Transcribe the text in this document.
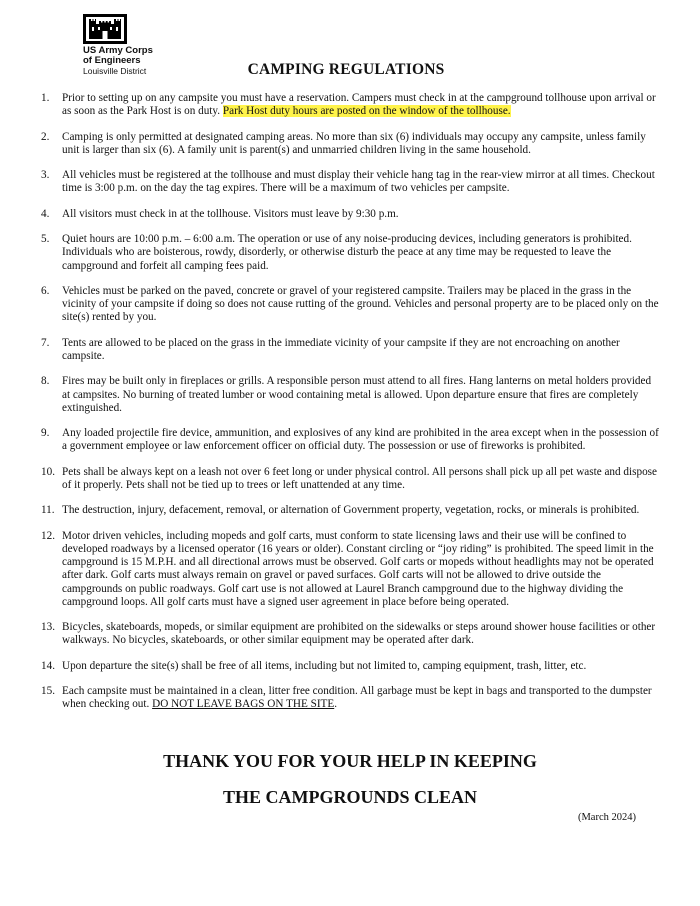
US Army Corps
of Engineers
Louisville District	CAMPING REGULATIONS
1. Prior to setting up on any campsite you must have a reservation. Campers must check in at the campground tollhouse upon arrival or as soon as the Park Host is on duty. Park Host duty hours are posted on the window of the tollhouse.
2. Camping is only permitted at designated camping areas. No more than six (6) individuals may occupy any campsite, unless family unit is larger than six (6). A family unit is parent(s) and unmarried children living in the same household.
3. All vehicles must be registered at the tollhouse and must display their vehicle hang tag in the rear-view mirror at all times. Checkout time is 3:00 p.m. on the day the tag expires. There will be a maximum of two vehicles per campsite.
4. All visitors must check in at the tollhouse. Visitors must leave by 9:30 p.m.
5. Quiet hours are 10:00 p.m. – 6:00 a.m. The operation or use of any noise-producing devices, including generators is prohibited. Individuals who are boisterous, rowdy, disorderly, or otherwise disturb the peace at any time may be requested to leave the campground and forfeit all camping fees paid.
6. Vehicles must be parked on the paved, concrete or gravel of your registered campsite. Trailers may be placed in the grass in the vicinity of your campsite if doing so does not cause rutting of the ground. Vehicles and personal property are to be placed only on the site(s) rented by you.
7. Tents are allowed to be placed on the grass in the immediate vicinity of your campsite if they are not encroaching on another campsite.
8. Fires may be built only in fireplaces or grills. A responsible person must attend to all fires. Hang lanterns on metal holders provided at campsites. No burning of treated lumber or wood containing metal is allowed. Upon departure ensure that fires are completely extinguished.
9. Any loaded projectile fire device, ammunition, and explosives of any kind are prohibited in the area except when in the possession of a government employee or law enforcement officer on official duty. The possession or use of fireworks is prohibited.
10. Pets shall be always kept on a leash not over 6 feet long or under physical control. All persons shall pick up all pet waste and dispose of it properly. Pets shall not be tied up to trees or left unattended at any time.
11. The destruction, injury, defacement, removal, or alternation of Government property, vegetation, rocks, or minerals is prohibited.
12. Motor driven vehicles, including mopeds and golf carts, must conform to state licensing laws and their use will be confined to developed roadways by a licensed operator (16 years or older). Constant circling or “joy riding” is prohibited. The speed limit in the campground is 15 M.P.H. and all directional arrows must be observed. Golf carts or mopeds without headlights may not be operated after dark. Golf carts must always remain on gravel or paved surfaces. Golf carts will not be allowed to drive outside the campgrounds on public roadways. Golf cart use is not allowed at Laurel Branch campground due to the highway dividing the campground loops. All golf carts must have a signed user agreement in place before being operated.
13. Bicycles, skateboards, mopeds, or similar equipment are prohibited on the sidewalks or steps around shower house facilities or other walkways. No bicycles, skateboards, or other similar equipment may be operated after dark.
14. Upon departure the site(s) shall be free of all items, including but not limited to, camping equipment, trash, litter, etc.
15. Each campsite must be maintained in a clean, litter free condition. All garbage must be kept in bags and transported to the dumpster when checking out. DO NOT LEAVE BAGS ON THE SITE.
THANK YOU FOR YOUR HELP IN KEEPING
THE CAMPGROUNDS CLEAN
(March 2024)
